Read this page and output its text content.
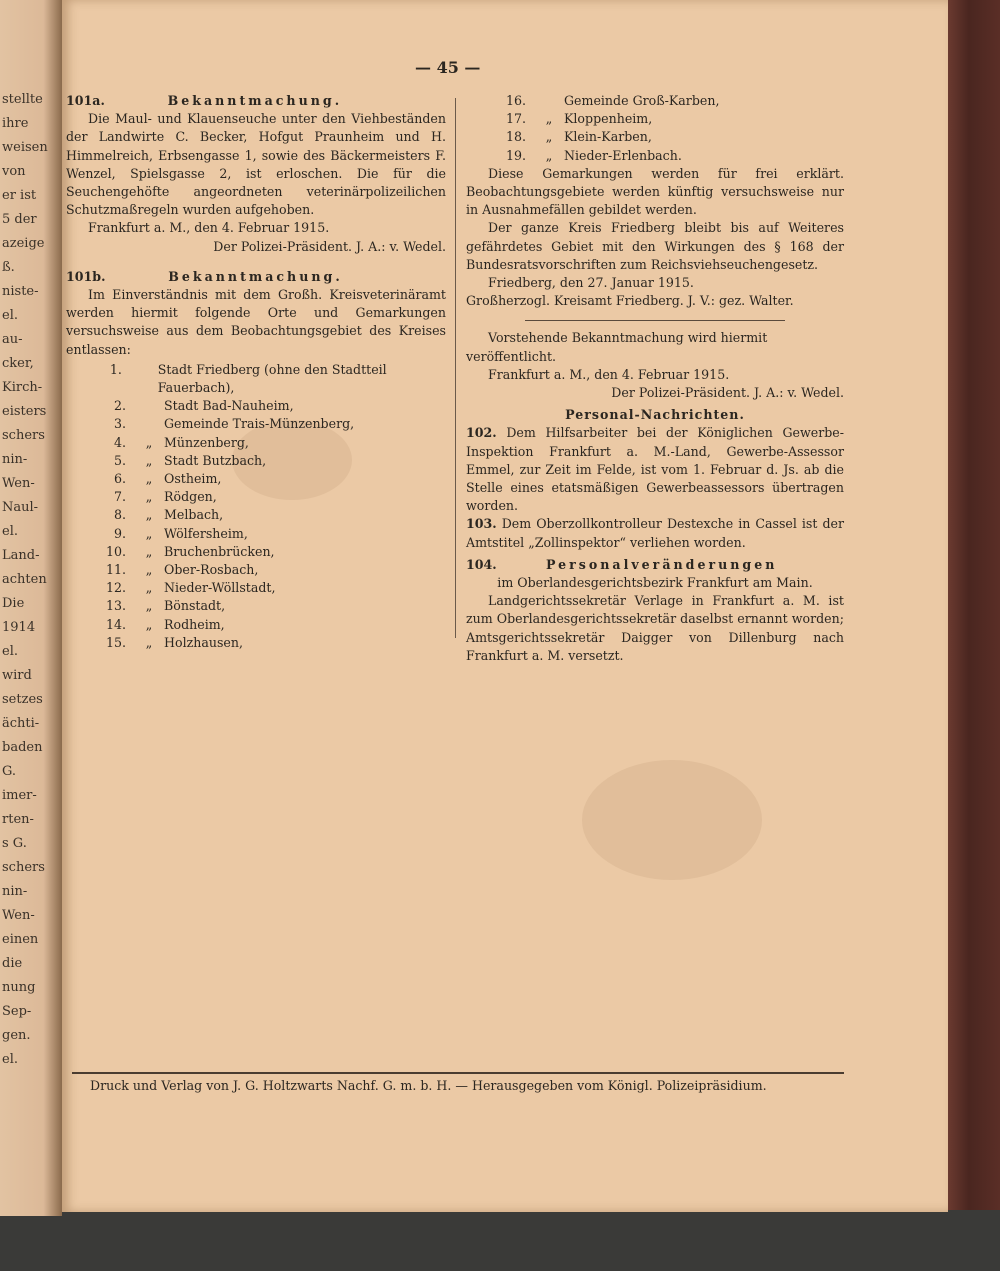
stellte
ihre
weisen
von
er ist
5 der
azeige
ß.
niste-
el.
au-
cker,
Kirch-
eisters
schers
nin-
Wen-
Naul-
el.
Land-
achten
Die
1914
el.
wird
setzes
ächti-
baden
G.
imer-
rten-
s G.
schers
nin-
Wen-
einen
die
nung
Sep-
gen.
el.
— 45 —

101a.	Bekanntmachung.

Die Maul- und Klauenseuche unter den Viehbeständen der Landwirte C. Becker, Hofgut Praunheim und H. Himmelreich, Erbsengasse 1, sowie des Bäckermeisters F. Wenzel, Spielsgasse 2, ist erloschen. Die für die Seuchengehöfte angeordneten veterinärpolizeilichen Schutzmaßregeln wurden aufgehoben.

Frankfurt a. M., den 4. Februar 1915.

Der Polizei-Präsident. J. A.: v. Wedel.

101b.	Bekanntmachung.

Im Einverständnis mit dem Großh. Kreisveterinäramt werden hiermit folgende Orte und Gemarkungen versuchsweise aus dem Beobachtungsgebiet des Kreises entlassen:

1.	Stadt Friedberg (ohne den Stadtteil Fauerbach),
2.	Stadt Bad-Nauheim,
3.	Gemeinde Trais-Münzenberg,
4.	„ Münzenberg,
5.	„ Stadt Butzbach,
6.	„ Ostheim,
7.	„ Rödgen,
8.	„ Melbach,
9.	„ Wölfersheim,
10.	„ Bruchenbrücken,
11.	„ Ober-Rosbach,
12.	„ Nieder-Wöllstadt,
13.	„ Bönstadt,
14.	„ Rodheim,
15.	„ Holzhausen,
16.	Gemeinde Groß-Karben,
17.	„ Kloppenheim,
18.	„ Klein-Karben,
19.	„ Nieder-Erlenbach.

Diese Gemarkungen werden für frei erklärt. Beobachtungsgebiete werden künftig versuchsweise nur in Ausnahmefällen gebildet werden.

Der ganze Kreis Friedberg bleibt bis auf Weiteres gefährdetes Gebiet mit den Wirkungen des § 168 der Bundesratsvorschriften zum Reichsviehseuchengesetz.

Friedberg, den 27. Januar 1915.

Großherzogl. Kreisamt Friedberg. J. V.: gez. Walter.

Vorstehende Bekanntmachung wird hiermit veröffentlicht.

Frankfurt a. M., den 4. Februar 1915.

Der Polizei-Präsident. J. A.: v. Wedel.

Personal-Nachrichten.

102. Dem Hilfsarbeiter bei der Königlichen Gewerbe-Inspektion Frankfurt a. M.-Land, Gewerbe-Assessor Emmel, zur Zeit im Felde, ist vom 1. Februar d. Js. ab die Stelle eines etatsmäßigen Gewerbeassessors übertragen worden.

103. Dem Oberzollkontrolleur Destexche in Cassel ist der Amtstitel „Zollinspektor“ verliehen worden.

104.	Personalveränderungen

im Oberlandesgerichtsbezirk Frankfurt am Main.

Landgerichtssekretär Verlage in Frankfurt a. M. ist zum Oberlandesgerichtssekretär daselbst ernannt worden; Amtsgerichtssekretär Daigger von Dillenburg nach Frankfurt a. M. versetzt.

Druck und Verlag von J. G. Holtzwarts Nachf. G. m. b. H. — Herausgegeben vom Königl. Polizeipräsidium.
